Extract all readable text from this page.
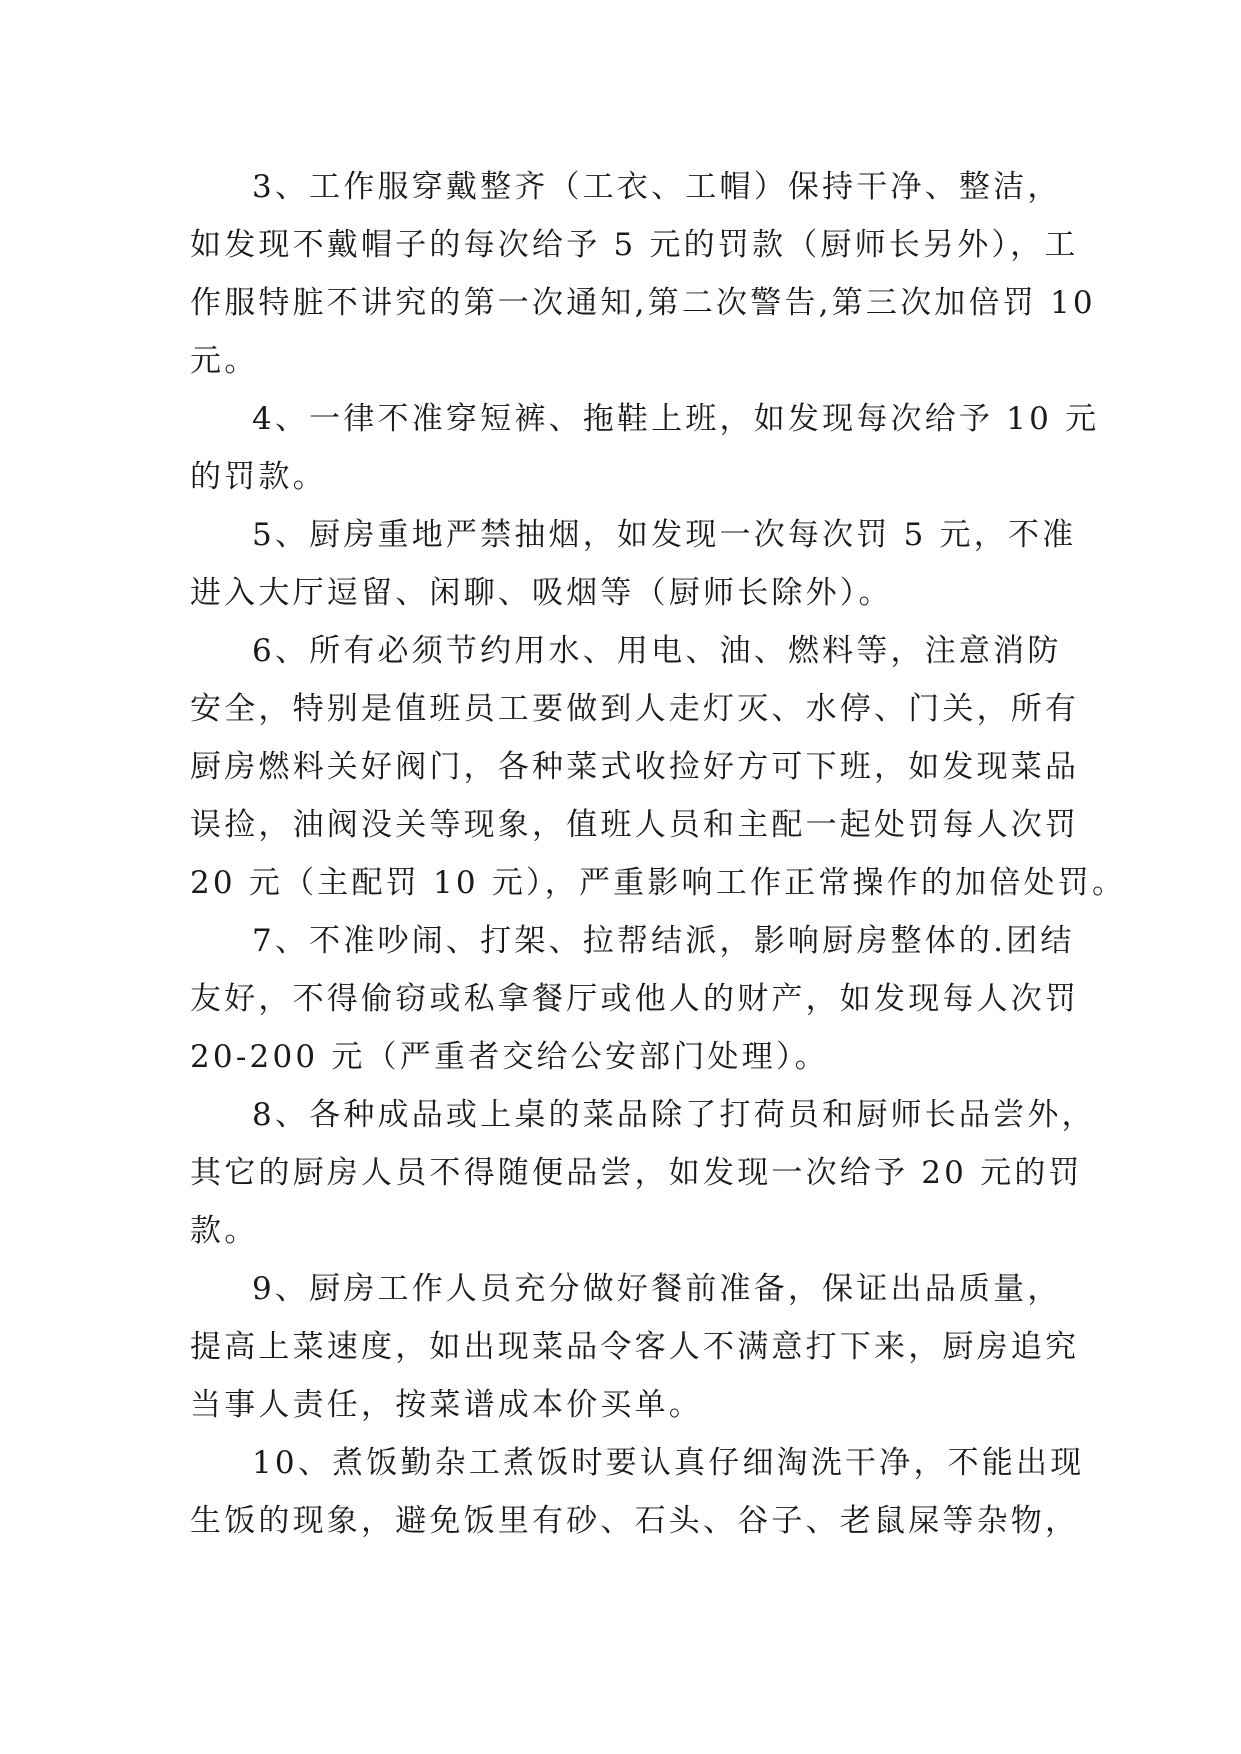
3、工作服穿戴整齐（工衣、工帽）保持干净、整洁，
如发现不戴帽子的每次给予 5 元的罚款（厨师长另外），工
作服特脏不讲究的第一次通知,第二次警告,第三次加倍罚 10
元。

4、一律不准穿短裤、拖鞋上班，如发现每次给予 10 元
的罚款。

5、厨房重地严禁抽烟，如发现一次每次罚 5 元，不准
进入大厅逗留、闲聊、吸烟等（厨师长除外）。

6、所有必须节约用水、用电、油、燃料等，注意消防
安全，特别是值班员工要做到人走灯灭、水停、门关，所有
厨房燃料关好阀门，各种菜式收捡好方可下班，如发现菜品
误捡，油阀没关等现象，值班人员和主配一起处罚每人次罚
20 元（主配罚 10 元），严重影响工作正常操作的加倍处罚。

7、不准吵闹、打架、拉帮结派，影响厨房整体的.团结
友好，不得偷窃或私拿餐厅或他人的财产，如发现每人次罚
20-200 元（严重者交给公安部门处理）。

8、各种成品或上桌的菜品除了打荷员和厨师长品尝外，
其它的厨房人员不得随便品尝，如发现一次给予 20 元的罚
款。

9、厨房工作人员充分做好餐前准备，保证出品质量，
提高上菜速度，如出现菜品令客人不满意打下来，厨房追究
当事人责任，按菜谱成本价买单。

10、煮饭勤杂工煮饭时要认真仔细淘洗干净，不能出现
生饭的现象，避免饭里有砂、石头、谷子、老鼠屎等杂物，
